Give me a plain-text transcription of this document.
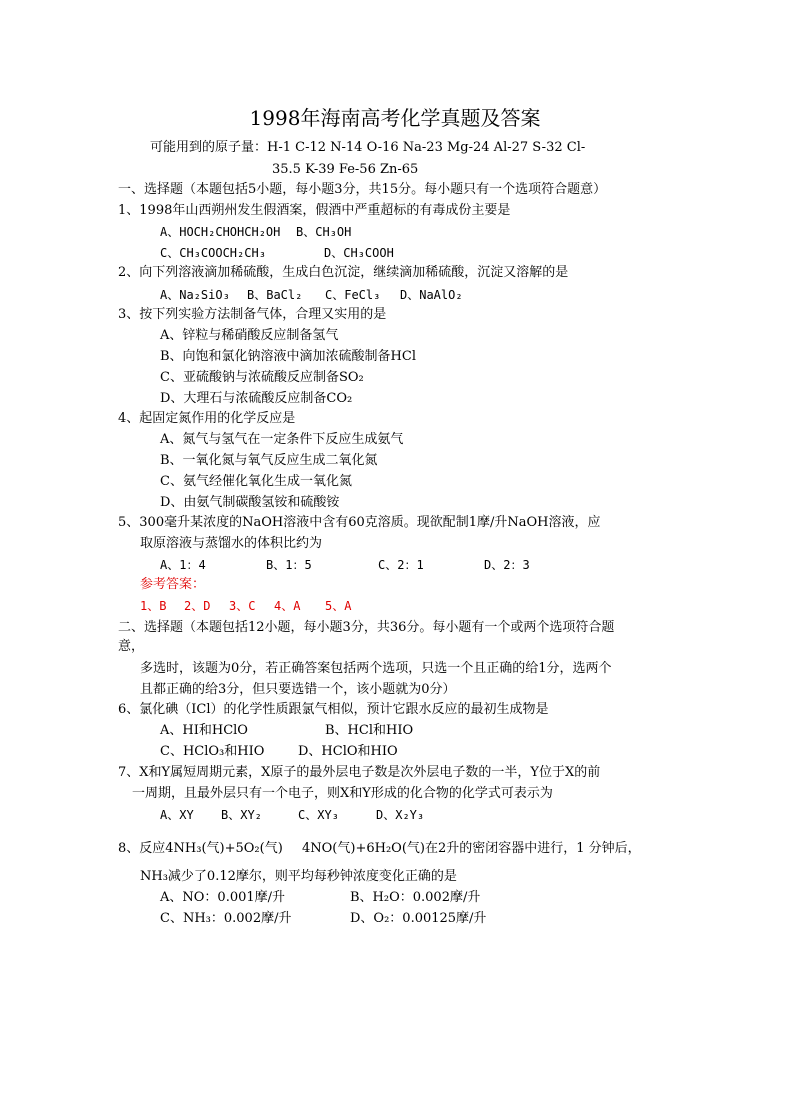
1998年海南高考化学真题及答案
可能用到的原子量：H-1 C-12 N-14 O-16 Na-23 Mg-24 Al-27 S-32 Cl-
35.5 K-39 Fe-56 Zn-65
一、选择题（本题包括5小题，每小题3分，共15分。每小题只有一个选项符合题意）
1、1998年山西朔州发生假酒案，假酒中严重超标的有毒成份主要是
A、HOCH₂CHOHCH₂OH B、CH₃OH
C、CH₃COOCH₂CH₃	D、CH₃COOH
2、向下列溶液滴加稀硫酸，生成白色沉淀，继续滴加稀硫酸，沉淀又溶解的是
A、Na₂SiO₃ B、BaCl₂ C、FeCl₃ D、NaAlO₂
3、按下列实验方法制备气体，合理又实用的是
A、锌粒与稀硝酸反应制备氢气
B、向饱和氯化钠溶液中滴加浓硫酸制备HCl
C、亚硫酸钠与浓硫酸反应制备SO₂
D、大理石与浓硫酸反应制备CO₂
4、起固定氮作用的化学反应是
A、氮气与氢气在一定条件下反应生成氨气
B、一氧化氮与氧气反应生成二氧化氮
C、氨气经催化氧化生成一氧化氮
D、由氨气制碳酸氢铵和硫酸铵
5、300毫升某浓度的NaOH溶液中含有60克溶质。现欲配制1摩/升NaOH溶液，应
取原溶液与蒸馏水的体积比约为
A、1：4	B、1：5	C、2：1	D、2：3
参考答案：
1、B 2、D 3、C 4、A 5、A
二、选择题（本题包括12小题，每小题3分，共36分。每小题有一个或两个选项符合题
意，
多选时，该题为0分，若正确答案包括两个选项，只选一个且正确的给1分，选两个
且都正确的给3分，但只要选错一个，该小题就为0分）
6、氯化碘（ICl）的化学性质跟氯气相似，预计它跟水反应的最初生成物是
A、HI和HClO	B、HCl和HIO
C、HClO₃和HIO	D、HClO和HIO
7、X和Y属短周期元素，X原子的最外层电子数是次外层电子数的一半，Y位于X的前
一周期，且最外层只有一个电子，则X和Y形成的化合物的化学式可表示为
A、XY B、XY₂	C、XY₃	D、X₂Y₃
8、反应4NH₃(气)+5O₂(气) 4NO(气)+6H₂O(气)在2升的密闭容器中进行，1 分钟后，
NH₃减少了0.12摩尔，则平均每秒钟浓度变化正确的是
A、NO：0.001摩/升	B、H₂O：0.002摩/升
C、NH₃：0.002摩/升	D、O₂：0.00125摩/升
